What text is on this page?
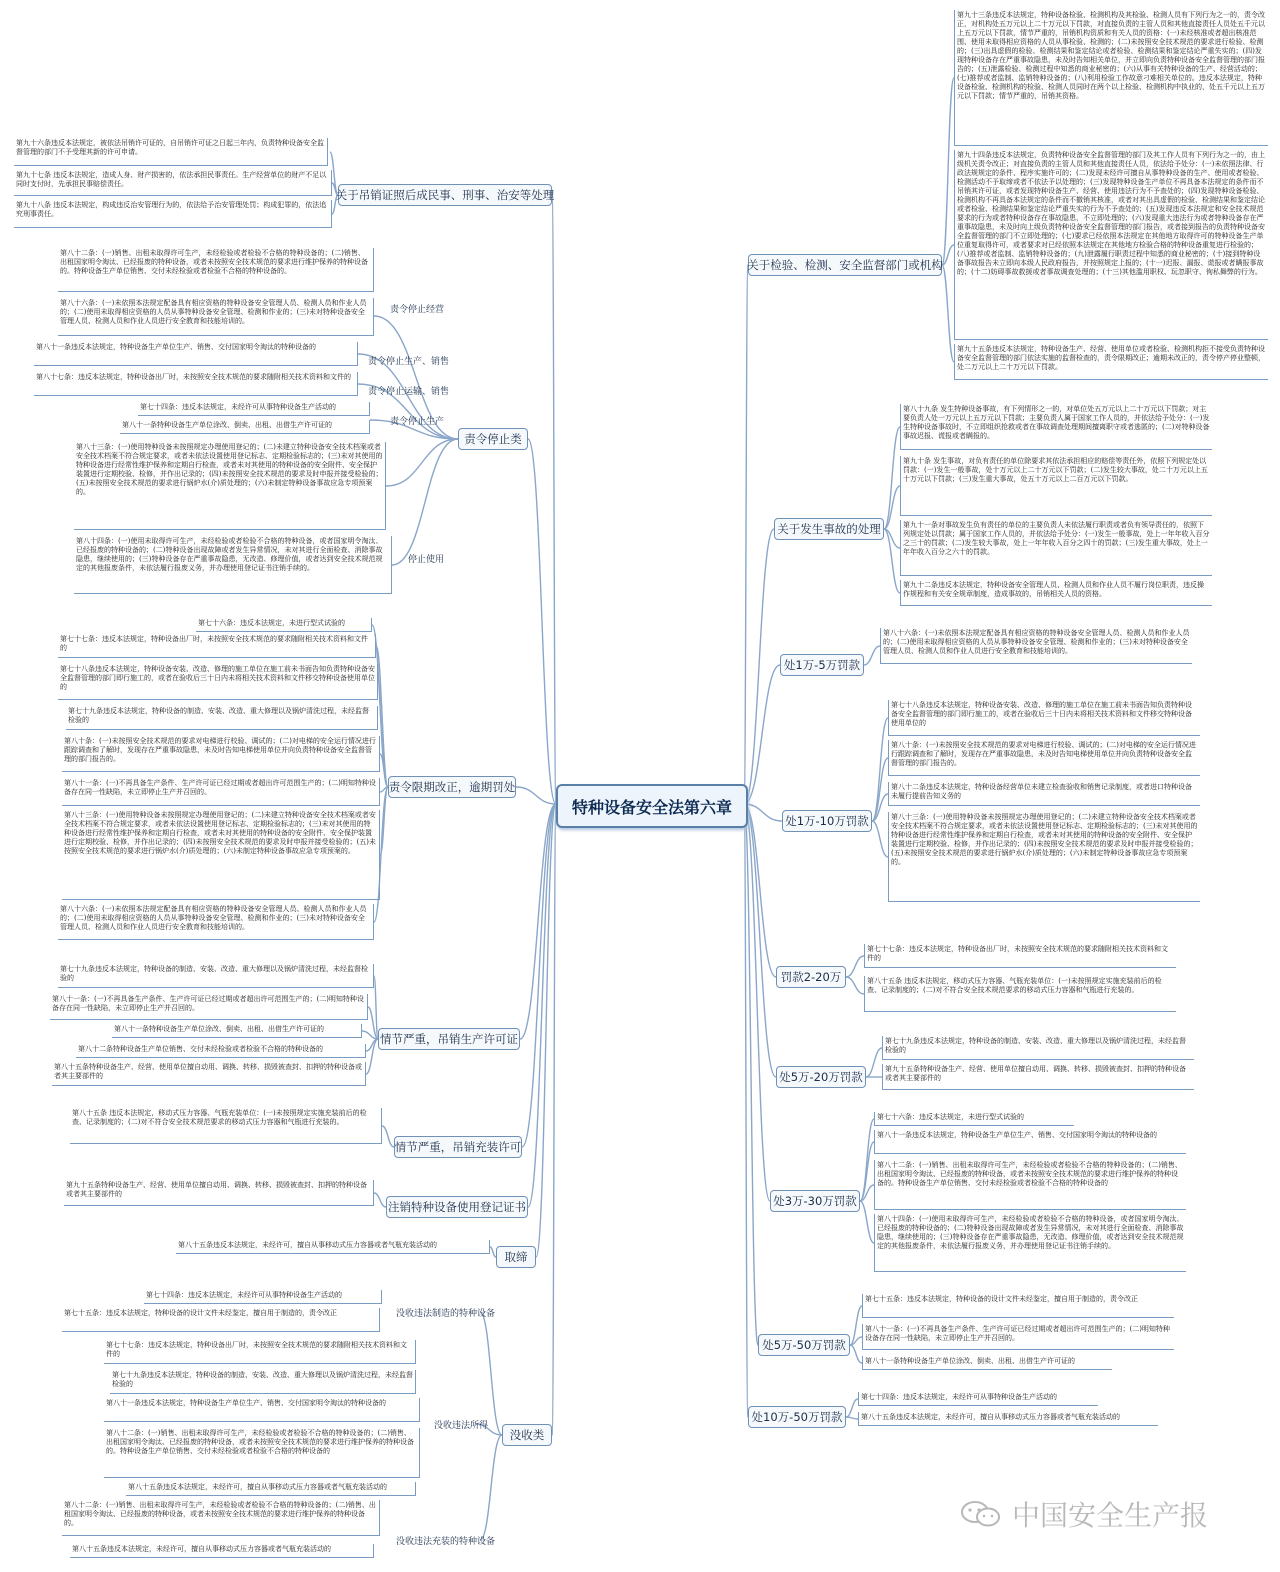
特种设备安全法第六章
关于吊销证照后成民事、刑事、治安等处理
责令停止类
责令限期改正，逾期罚处
情节严重，吊销生产许可证
情节严重，吊销充装许可
注销特种设备使用登记证书
取缔
没收类
关于检验、检测、安全监督部门或机构
关于发生事故的处理
处1万-5万罚款
处1万-10万罚款
罚款2-20万
处5万-20万罚款
处3万-30万罚款
处5万-50万罚款
处10万-50万罚款
责令停止经营
责令停止生产、销售
责令停止运输、销售
责令停止生产
停止使用
没收违法制造的特种设备
没收违法所得
没收违法充装的特种设备
第九十六条违反本法规定，被依法吊销许可证的，自吊销许可证之日起三年内，负责特种设备安全监督管理的部门不予受理其新的许可申请。
第九十七条 违反本法规定，造成人身、财产损害的，依法承担民事责任。生产经营单位的财产不足以同时支付时，先承担民事赔偿责任。
第九十八条 违反本法规定，构成违反治安管理行为的，依法给予治安管理处罚；构成犯罪的，依法追究刑事责任。
第八十二条：(一)销售、出租未取得许可生产，未经检验或者检验不合格的特种设备的；(二)销售、出租国家明令淘汰、已经报废的特种设备，或者未按照安全技术规范的要求进行维护保养的特种设备的。特种设备生产单位销售、交付未经检验或者检验不合格的特种设备的。
第八十六条：(一)未依照本法规定配备具有相应资格的特种设备安全管理人员、检测人员和作业人员的；(二)使用未取得相应资格的人员从事特种设备安全管理、检测和作业的；(三)未对特种设备安全管理人员、检测人员和作业人员进行安全教育和技能培训的。
第八十一条违反本法规定，特种设备生产单位生产、销售、交付国家明令淘汰的特种设备的
第八十七条：违反本法规定，特种设备出厂时，未按照安全技术规范的要求随附相关技术资料和文件的
第七十四条：违反本法规定，未经许可从事特种设备生产活动的
第八十一条特种设备生产单位涂改、倒卖、出租、出借生产许可证的
第八十三条：(一)使用特种设备未按照规定办理使用登记的；(二)未建立特种设备安全技术档案或者安全技术档案不符合规定要求，或者未依法设置使用登记标志、定期检验标志的；(三)未对其使用的特种设备进行经常性维护保养和定期自行检查，或者未对其使用的特种设备的安全附件、安全保护装置进行定期校验、检修，并作出记录的；(四)未按照安全技术规范的要求及时申报并接受检验的；(五)未按照安全技术规范的要求进行锅炉水(介)质处理的；(六)未制定特种设备事故应急专项预案的。
第八十四条：(一)使用未取得许可生产，未经检验或者检验不合格的特种设备，或者国家明令淘汰、已经报废的特种设备的；(二)特种设备出现故障或者发生异常情况，未对其进行全面检查、消除事故隐患，继续使用的；(三)特种设备存在严重事故隐患，无改造、修理价值，或者达到安全技术规范规定的其他报废条件，未依法履行报废义务，并办理使用登记证书注销手续的。
第七十六条：违反本法规定，未进行型式试验的
第七十七条：违反本法规定，特种设备出厂时，未按照安全技术规范的要求随附相关技术资料和文件的
第七十八条违反本法规定，特种设备安装、改造、修理的施工单位在施工前未书面告知负责特种设备安全监督管理的部门即行施工的，或者在验收后三十日内未将相关技术资料和文件移交特种设备使用单位的
第七十九条违反本法规定，特种设备的制造、安装、改造、重大修理以及锅炉清洗过程，未经监督检验的
第八十条：(一)未按照安全技术规范的要求对电梯进行校验、调试的；(二)对电梯的安全运行情况进行跟踪调查和了解时，发现存在严重事故隐患，未及时告知电梯使用单位并向负责特种设备安全监督管理的部门报告的。
第八十一条：(一)不再具备生产条件、生产许可证已经过期或者超出许可范围生产的；(二)明知特种设备存在同一性缺陷，未立即停止生产并召回的。
第八十三条：(一)使用特种设备未按照规定办理使用登记的；(二)未建立特种设备安全技术档案或者安全技术档案不符合规定要求，或者未依法设置使用登记标志、定期检验标志的；(三)未对其使用的特种设备进行经常性维护保养和定期自行检查，或者未对其使用的特种设备的安全附件、安全保护装置进行定期校验、检修，并作出记录的；(四)未按照安全技术规范的要求及时申报并接受检验的；(五)未按照安全技术规范的要求进行锅炉水(介)质处理的；(六)未制定特种设备事故应急专项预案的。
第八十六条：(一)未依照本法规定配备具有相应资格的特种设备安全管理人员、检测人员和作业人员的；(二)使用未取得相应资格的人员从事特种设备安全管理、检测和作业的；(三)未对特种设备安全管理人员、检测人员和作业人员进行安全教育和技能培训的。
第七十九条违反本法规定，特种设备的制造、安装、改造、重大修理以及锅炉清洗过程，未经监督检验的
第八十一条：(一)不再具备生产条件、生产许可证已经过期或者超出许可范围生产的；(二)明知特种设备存在同一性缺陷，未立即停止生产并召回的。
第八十一条特种设备生产单位涂改、倒卖、出租、出借生产许可证的
第八十二条特种设备生产单位销售、交付未经检验或者检验不合格的特种设备的
第八十五条特种设备生产、经营、使用单位擅自动用、调换、转移、损毁被查封、扣押的特种设备或者其主要部件的
第八十五条 违反本法规定，移动式压力容器、气瓶充装单位：(一)未按照规定实施充装前后的检查、记录制度的；(二)对不符合安全技术规范要求的移动式压力容器和气瓶进行充装的。
第九十五条特种设备生产、经营、使用单位擅自动用、调换、转移、损毁被查封、扣押的特种设备或者其主要部件的
第八十五条违反本法规定，未经许可，擅自从事移动式压力容器或者气瓶充装活动的
第七十四条：违反本法规定，未经许可从事特种设备生产活动的
第七十五条：违反本法规定，特种设备的设计文件未经鉴定，擅自用于制造的，责令改正
第七十七条：违反本法规定，特种设备出厂时，未按照安全技术规范的要求随附相关技术资料和文件的
第七十九条违反本法规定，特种设备的制造、安装、改造、重大修理以及锅炉清洗过程，未经监督检验的
第八十一条违反本法规定，特种设备生产单位生产、销售、交付国家明令淘汰的特种设备的
第八十二条：(一)销售、出租未取得许可生产，未经检验或者检验不合格的特种设备的；(二)销售、出租国家明令淘汰、已经报废的特种设备，或者未按照安全技术规范的要求进行维护保养的特种设备的。特种设备生产单位销售、交付未经检验或者检验不合格的特种设备的
第八十五条违反本法规定，未经许可，擅自从事移动式压力容器或者气瓶充装活动的
第八十二条：(一)销售、出租未取得许可生产，未经检验或者检验不合格的特种设备的；(二)销售、出租国家明令淘汰、已经报废的特种设备，或者未按照安全技术规范的要求进行维护保养的特种设备的。
第八十五条违反本法规定，未经许可，擅自从事移动式压力容器或者气瓶充装活动的
第九十三条违反本法规定，特种设备检验、检测机构及其检验、检测人员有下列行为之一的，责令改正，对机构处五万元以上二十万元以下罚款，对直接负责的主管人员和其他直接责任人员处五千元以上五万元以下罚款，情节严重的，吊销机构资质和有关人员的资格：(一)未经核准或者超出核准范围、使用未取得相应资格的人员从事检验、检测的；(二)未按照安全技术规范的要求进行检验、检测的；(三)出具虚假的检验、检测结果和鉴定结论或者检验、检测结果和鉴定结论严重失实的；(四)发现特种设备存在严重事故隐患，未及时告知相关单位，并立即向负责特种设备安全监督管理的部门报告的；(五)泄露检验、检测过程中知悉的商业秘密的；(六)从事有关特种设备的生产、经营活动的；(七)推荐或者监制、监销特种设备的；(八)利用检验工作故意刁难相关单位的。违反本法规定，特种设备检验、检测机构的检验、检测人员同时在两个以上检验、检测机构中执业的，处五千元以上五万元以下罚款；情节严重的，吊销其资格。
第九十四条违反本法规定，负责特种设备安全监督管理的部门及其工作人员有下列行为之一的，由上级机关责令改正；对直接负责的主管人员和其他直接责任人员，依法给予处分：(一)未依照法律、行政法规规定的条件、程序实施许可的；(二)发现未经许可擅自从事特种设备的生产、使用或者检验、检测活动不予取缔或者不依法予以处理的；(三)发现特种设备生产单位不再具备本法规定的条件而不吊销其许可证，或者发现特种设备生产、经营、使用违法行为不予查处的；(四)发现特种设备检验、检测机构不再具备本法规定的条件而不撤销其核准，或者对其出具虚假的检验、检测结果和鉴定结论或者检验、检测结果和鉴定结论严重失实的行为不予查处的；(五)发现违反本法规定和安全技术规范要求的行为或者特种设备存在事故隐患，不立即处理的；(六)发现重大违法行为或者特种设备存在严重事故隐患，未及时向上级负责特种设备安全监督管理的部门报告，或者接到报告的负责特种设备安全监督管理的部门不立即处理的；(七)要求已经依照本法规定在其他地方取得许可的特种设备生产单位重复取得许可，或者要求对已经依照本法规定在其他地方检验合格的特种设备重复进行检验的；(八)推荐或者监制、监销特种设备的；(九)泄露履行职责过程中知悉的商业秘密的；(十)接到特种设备事故报告未立即向本级人民政府报告，并按照规定上报的；(十一)迟报、漏报、谎报或者瞒报事故的；(十二)妨碍事故救援或者事故调查处理的；(十三)其他滥用职权、玩忽职守、徇私舞弊的行为。
第九十五条违反本法规定，特种设备生产、经营、使用单位或者检验、检测机构拒不接受负责特种设备安全监督管理的部门依法实施的监督检查的，责令限期改正；逾期未改正的，责令停产停业整顿，处二万元以上二十万元以下罚款。
第八十九条 发生特种设备事故，有下列情形之一的，对单位处五万元以上二十万元以下罚款；对主要负责人处一万元以上五万元以下罚款；主要负责人属于国家工作人员的，并依法给予处分：(一)发生特种设备事故时，不立即组织抢救或者在事故调查处理期间擅离职守或者逃匿的；(二)对特种设备事故迟报、谎报或者瞒报的。
第九十条 发生事故，对负有责任的单位除要求其依法承担相应的赔偿等责任外，依照下列规定处以罚款：(一)发生一般事故，处十万元以上二十万元以下罚款；(二)发生较大事故，处二十万元以上五十万元以下罚款；(三)发生重大事故，处五十万元以上二百万元以下罚款。
第九十一条对事故发生负有责任的单位的主要负责人未依法履行职责或者负有领导责任的，依照下列规定处以罚款；属于国家工作人员的，并依法给予处分：(一)发生一般事故，处上一年年收入百分之三十的罚款；(二)发生较大事故，处上一年年收入百分之四十的罚款；(三)发生重大事故，处上一年年收入百分之六十的罚款。
第九十二条违反本法规定，特种设备安全管理人员、检测人员和作业人员不履行岗位职责，违反操作规程和有关安全规章制度，造成事故的，吊销相关人员的资格。
第八十六条：(一)未依照本法规定配备具有相应资格的特种设备安全管理人员、检测人员和作业人员的；(二)使用未取得相应资格的人员从事特种设备安全管理、检测和作业的；(三)未对特种设备安全管理人员、检测人员和作业人员进行安全教育和技能培训的。
第七十八条违反本法规定，特种设备安装、改造、修理的施工单位在施工前未书面告知负责特种设备安全监督管理的部门即行施工的，或者在验收后三十日内未将相关技术资料和文件移交特种设备使用单位的
第八十条：(一)未按照安全技术规范的要求对电梯进行校验、调试的；(二)对电梯的安全运行情况进行跟踪调查和了解时，发现存在严重事故隐患，未及时告知电梯使用单位并向负责特种设备安全监督管理的部门报告的。
第八十二条违反本法规定，特种设备经营单位未建立检查验收和销售记录制度，或者进口特种设备未履行提前告知义务的
第八十三条：(一)使用特种设备未按照规定办理使用登记的；(二)未建立特种设备安全技术档案或者安全技术档案不符合规定要求，或者未依法设置使用登记标志、定期检验标志的；(三)未对其使用的特种设备进行经常性维护保养和定期自行检查，或者未对其使用的特种设备的安全附件、安全保护装置进行定期校验、检修，并作出记录的；(四)未按照安全技术规范的要求及时申报并接受检验的；(五)未按照安全技术规范的要求进行锅炉水(介)质处理的；(六)未制定特种设备事故应急专项预案的。
第七十七条：违反本法规定，特种设备出厂时，未按照安全技术规范的要求随附相关技术资料和文件的
第八十五条 违反本法规定，移动式压力容器、气瓶充装单位：(一)未按照规定实施充装前后的检查、记录制度的；(二)对不符合安全技术规范要求的移动式压力容器和气瓶进行充装的。
第七十九条违反本法规定，特种设备的制造、安装、改造、重大修理以及锅炉清洗过程，未经监督检验的
第九十五条特种设备生产、经营、使用单位擅自动用、调换、转移、损毁被查封、扣押的特种设备或者其主要部件的
第七十六条：违反本法规定，未进行型式试验的
第八十一条违反本法规定，特种设备生产单位生产、销售、交付国家明令淘汰的特种设备的
第八十二条：(一)销售、出租未取得许可生产，未经检验或者检验不合格的特种设备的；(二)销售、出租国家明令淘汰、已经报废的特种设备，或者未按照安全技术规范的要求进行维护保养的特种设备的。特种设备生产单位销售、交付未经检验或者检验不合格的特种设备的
第八十四条：(一)使用未取得许可生产，未经检验或者检验不合格的特种设备，或者国家明令淘汰、已经报废的特种设备的；(二)特种设备出现故障或者发生异常情况，未对其进行全面检查、消除事故隐患，继续使用的；(三)特种设备存在严重事故隐患，无改造、修理价值，或者达到安全技术规范规定的其他报废条件，未依法履行报废义务，并办理使用登记证书注销手续的。
第七十五条：违反本法规定，特种设备的设计文件未经鉴定，擅自用于制造的，责令改正
第八十一条：(一)不再具备生产条件、生产许可证已经过期或者超出许可范围生产的；(二)明知特种设备存在同一性缺陷，未立即停止生产并召回的。
第八十一条特种设备生产单位涂改、倒卖、出租、出借生产许可证的
第七十四条：违反本法规定，未经许可从事特种设备生产活动的
第八十五条违反本法规定，未经许可，擅自从事移动式压力容器或者气瓶充装活动的
中国安全生产报
